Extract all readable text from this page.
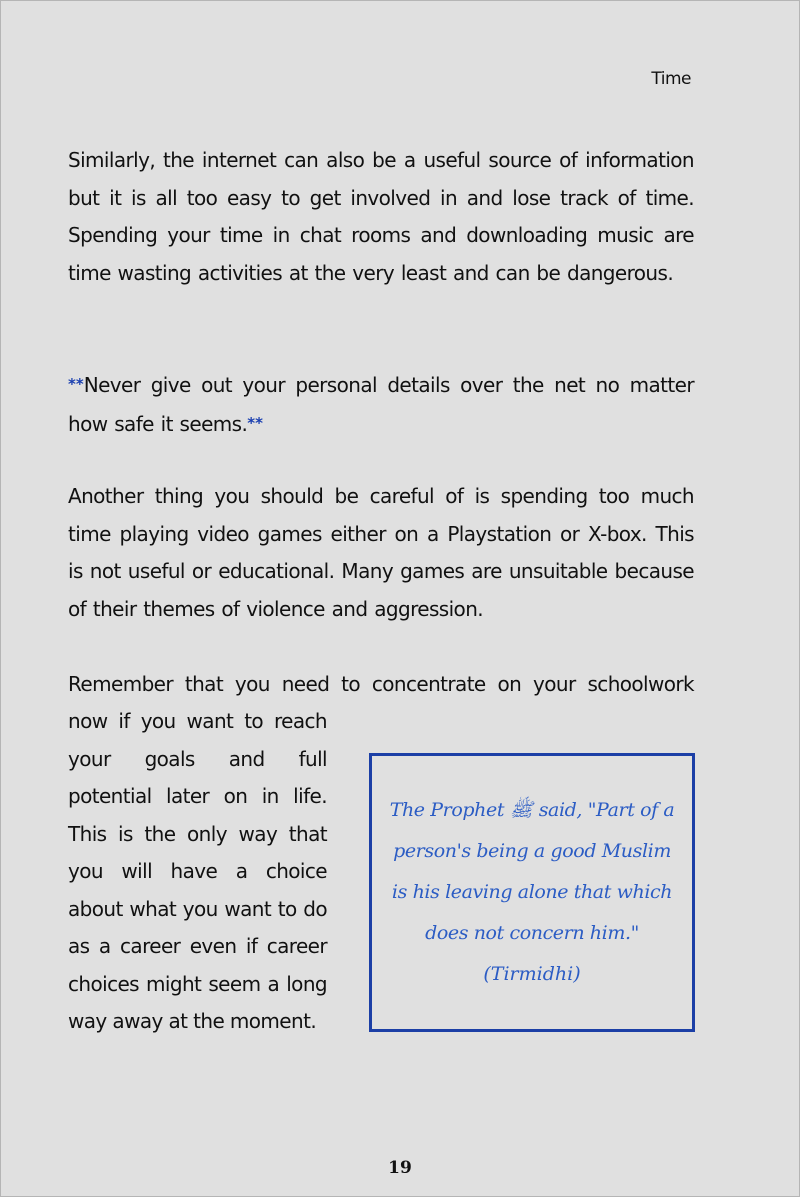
Time

Similarly, the internet can also be a useful source of information but it is all too easy to get involved in and lose track of time. Spending your time in chat rooms and downloading music are time wasting activities at the very least and can be dangerous.

**Never give out your personal details over the net no matter how safe it seems.**

Another thing you should be careful of is spending too much time playing video games either on a Playstation or X-box. This is not useful or educational. Many games are unsuitable because of their themes of violence and aggression.

Remember that you need to concentrate on your schoolwork

now if you want to reach your goals and full potential later on in life. This is the only way that you will have a choice about what you want to do as a career even if career choices might seem a long way away at the moment.

The Prophet ﷺ said, "Part of a person's being a good Muslim is his leaving alone that which does not concern him."
(Tirmidhi)
19
